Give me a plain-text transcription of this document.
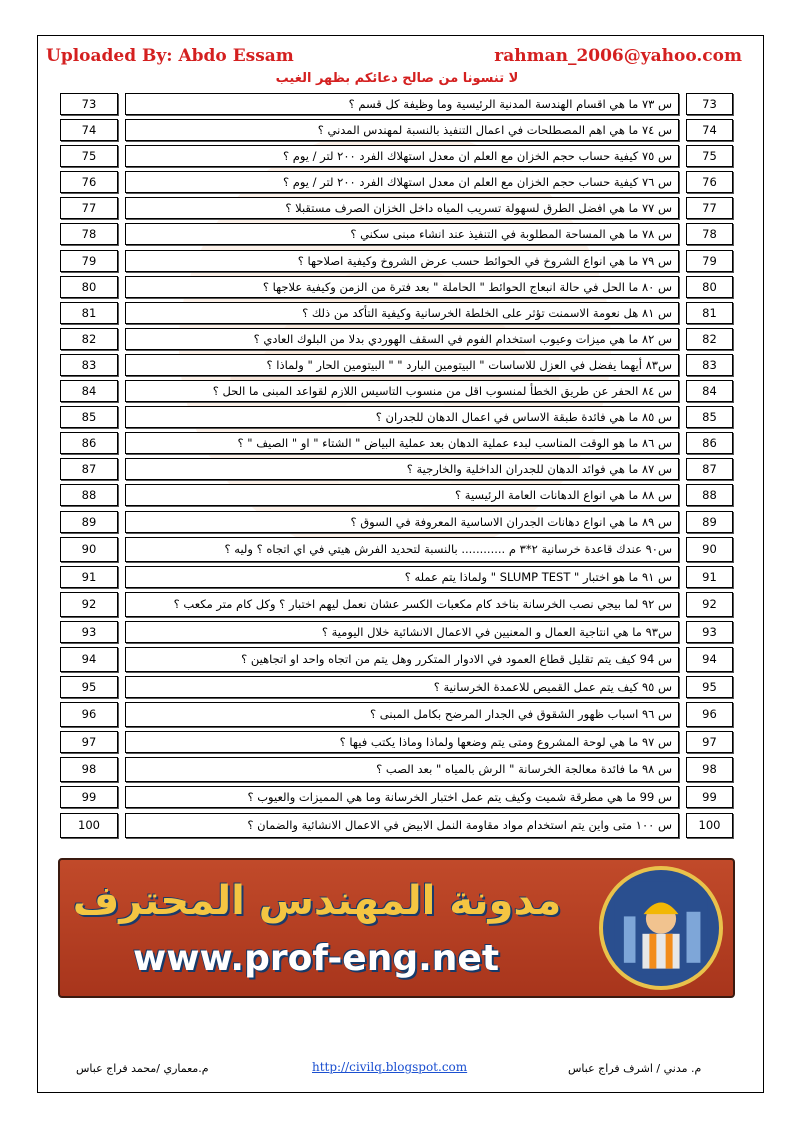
Uploaded By: Abdo Essam	rahman_2006@yahoo.com
لا تنسونا من صالح دعائكم بظهر الغيب
73	س ٧٣ ما هي اقسام الهندسة المدنية الرئيسية وما وظيفة كل قسم ؟	73
74	س ٧٤ ما هي اهم المصطلحات في اعمال التنفيذ بالنسبة لمهندس المدني ؟	74
75	س ٧٥ كيفية حساب حجم الخزان مع العلم ان معدل استهلاك الفرد ٢٠٠ لتر / يوم ؟	75
76	س ٧٦ كيفية حساب حجم الخزان مع العلم ان معدل استهلاك الفرد ٢٠٠ لتر / يوم ؟	76
77	س ٧٧ ما هي افضل الطرق لسهولة تسريب المياه داخل الخزان الصرف مستقبلا ؟	77
78	س ٧٨ ما هي المساحة المطلوبة في التنفيذ عند انشاء مبنى سكني ؟	78
79	س ٧٩ ما هي انواع الشروخ في الحوائط حسب عرض الشروخ وكيفية اصلاحها ؟	79
80	س ٨٠ ما الحل في حالة انبعاج الحوائط " الحاملة " بعد فترة من الزمن وكيفية علاجها ؟	80
81	س ٨١ هل نعومة الاسمنت تؤثر على الخلطة الخرسانية وكيفية التأكد من ذلك ؟	81
82	س ٨٢ ما هي ميزات وعيوب استخدام الفوم في السقف الهوردي بدلا من البلوك العادي ؟	82
83	س٨٣ أيهما يفضل في العزل للاساسات " البيتومين البارد " " البيتومين الحار " ولماذا ؟	83
84	س ٨٤ الحفر عن طريق الخطأ لمنسوب اقل من منسوب التاسيس اللازم لقواعد المبنى ما الحل ؟	84
85	س ٨٥ ما هي فائدة طبقة الاساس في اعمال الدهان للجدران ؟	85
86	س ٨٦ ما هو الوقت المناسب لبدء عملية الدهان بعد عملية البياض " الشتاء " او " الصيف " ؟	86
87	س ٨٧ ما هي فوائد الدهان للجدران الداخلية والخارجية ؟	87
88	س ٨٨ ما هي انواع الدهانات العامة الرئيسية ؟	88
89	س ٨٩ ما هي انواع دهانات الجدران الاساسية المعروفة في السوق ؟	89
90	س٩٠ عندك قاعدة خرسانية ٢*٣ م ............ بالنسبة لتحديد الفرش هيتي في اي اتجاه ؟ وليه ؟	90
91	س ٩١ ما هو اختبار " SLUMP TEST " ولماذا يتم عمله ؟	91
92	س ٩٢ لما بيجي نصب الخرسانة بناخد كام مكعبات الكسر عشان نعمل ليهم اختبار ؟ وكل كام متر مكعب ؟	92
93	س٩٣ ما هي انتاجية العمال و المعنيين في الاعمال الانشائية خلال اليومية ؟	93
94	س 94 كيف يتم تقليل قطاع العمود في الادوار المتكرر وهل يتم من اتجاه واحد او اتجاهين ؟	94
95	س ٩٥ كيف يتم عمل القميص للاعمدة الخرسانية ؟	95
96	س ٩٦ اسباب ظهور الشقوق في الجدار المرضح بكامل المبنى ؟	96
97	س ٩٧ ما هي لوحة المشروع ومتى يتم وضعها ولماذا وماذا يكتب فيها ؟	97
98	س ٩٨ ما فائدة معالجة الخرسانة " الرش بالمياه " بعد الصب ؟	98
99	س 99 ما هي مطرقة شميت وكيف يتم عمل اختبار الخرسانة وما هي المميزات والعيوب ؟	99
100	س ١٠٠ متى واين يتم استخدام مواد مقاومة النمل الابيض في الاعمال الانشائية والضمان ؟	100
مدونة المهندس المحترف
www.prof-eng.net
م.معماري /محمد فراج عباس	http://civilq.blogspot.com	م. مدني / اشرف فراج عباس
